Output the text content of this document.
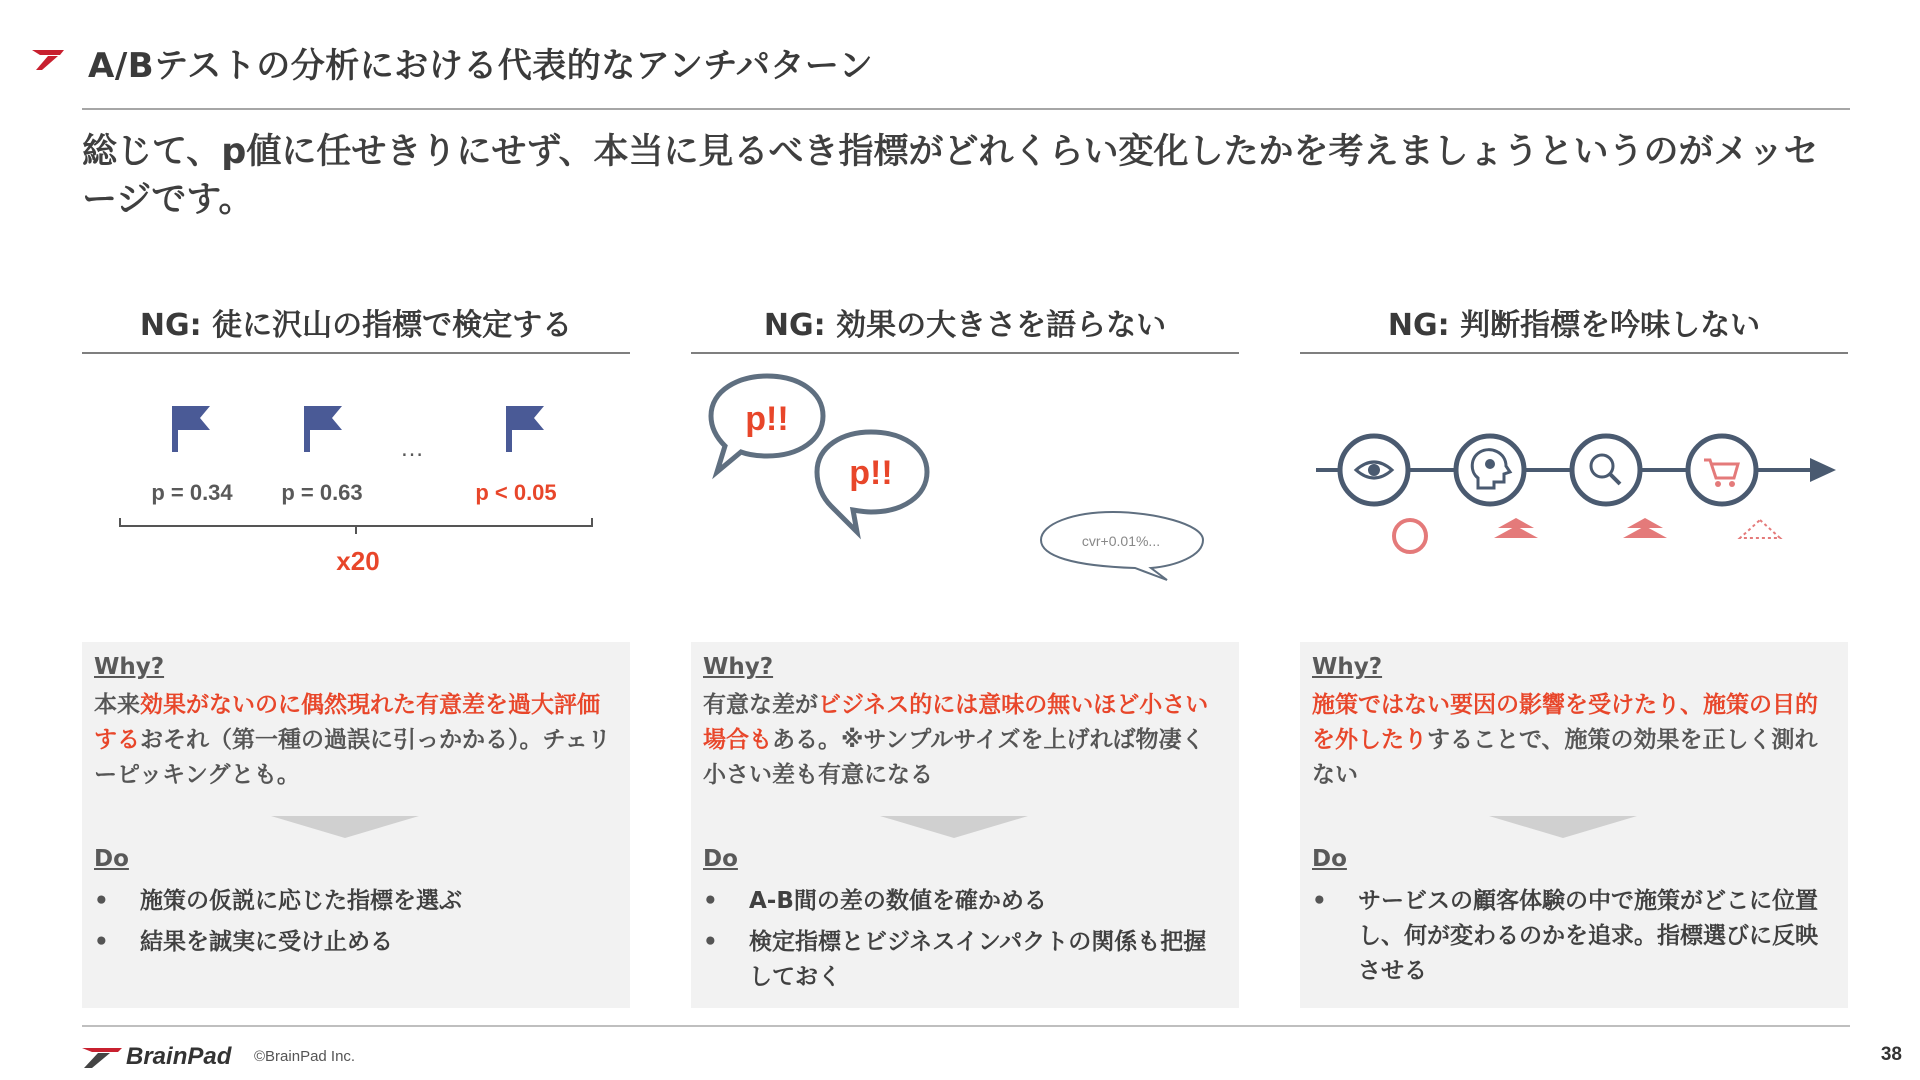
A/Bテストの分析における代表的なアンチパターン
総じて、p値に任せきりにせず、本当に見るべき指標がどれくらい変化したかを考えましょうというのがメッセージです。
NG: 徒に沢山の指標で検定する
…
p = 0.34 p = 0.63	p < 0.05
x20
Why?
本来効果がないのに偶然現れた有意差を過大評価するおそれ（第一種の過誤に引っかかる）。チェリーピッキングとも。
Do
• 施策の仮説に応じた指標を選ぶ
• 結果を誠実に受け止める
NG: 効果の大きさを語らない
p!!
p!!
cvr+0.01%...
Why?
有意な差がビジネス的には意味の無いほど小さい場合もある。※サンプルサイズを上げれば物凄く小さい差も有意になる
Do
• A-B間の差の数値を確かめる
• 検定指標とビジネスインパクトの関係も把握しておく
NG: 判断指標を吟味しない
Why?
施策ではない要因の影響を受けたり、施策の目的を外したりすることで、施策の効果を正しく測れない
Do
• サービスの顧客体験の中で施策がどこに位置し、何が変わるのかを追求。指標選びに反映させる
BrainPad ©BrainPad Inc.	38
